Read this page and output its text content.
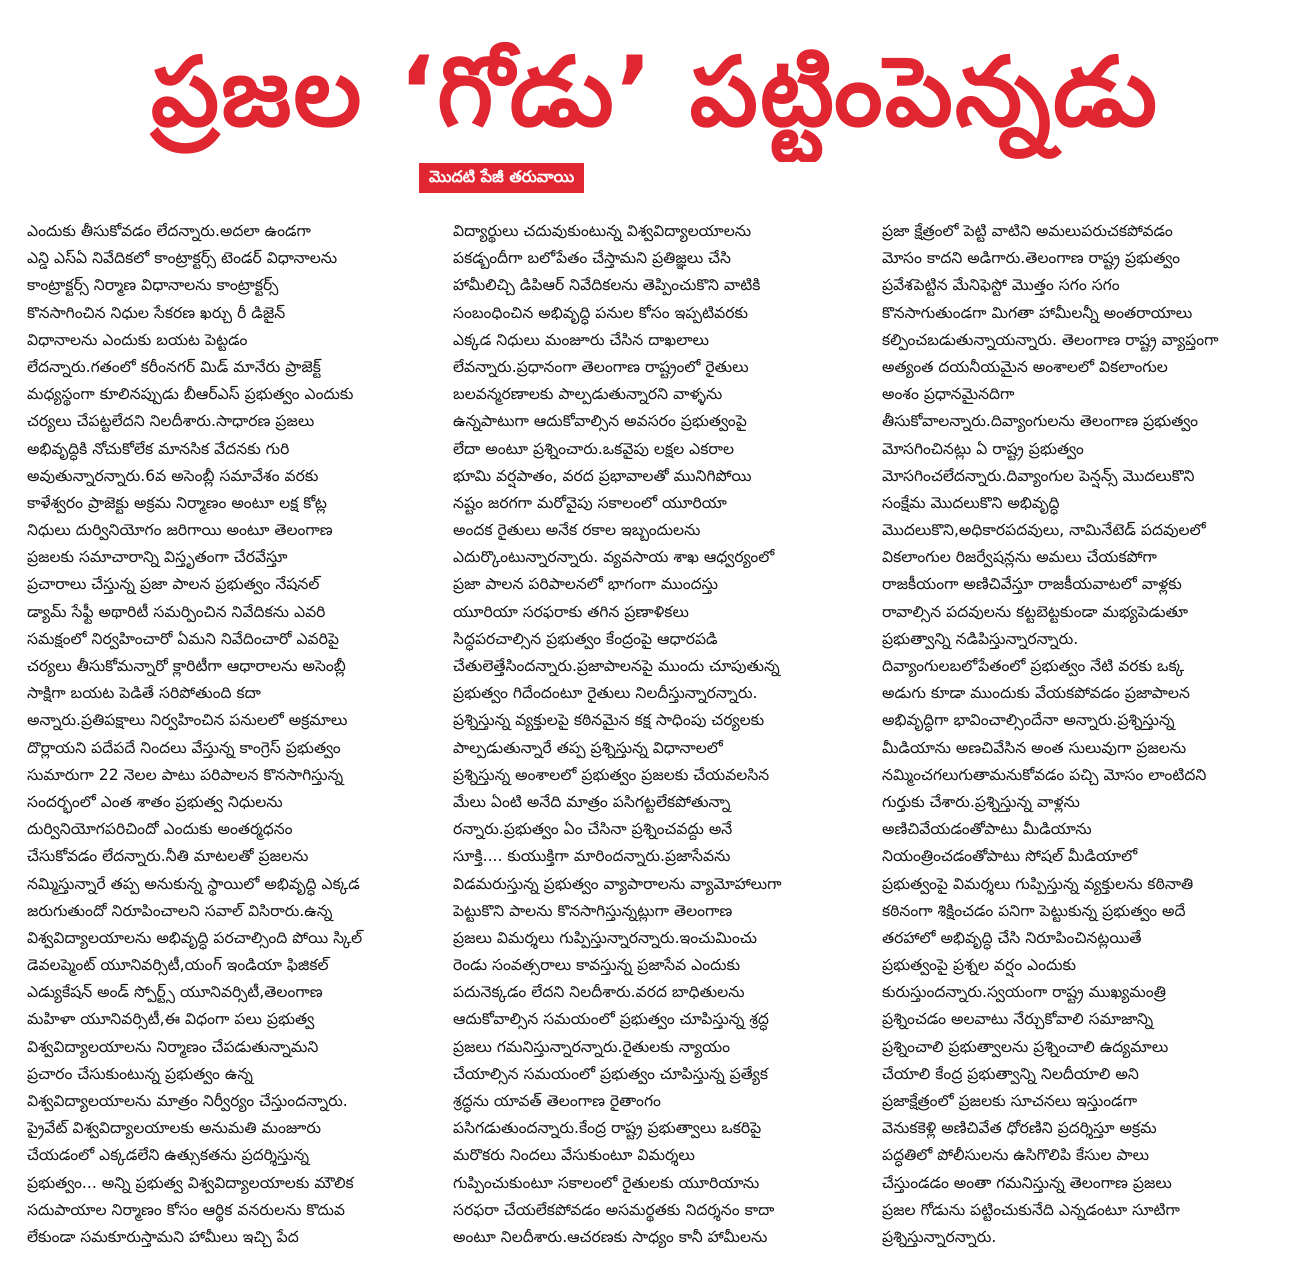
ప్రజల ‘గోడు’ పట్టింపెన్నడు
మొదటి పేజీ తరువాయి
ఎందుకు తీసుకోవడం లేదన్నారు.అదలా ఉండగా
ఎన్డి ఎస్ఏ నివేదికలో కాంట్రాక్టర్స్ టెండర్ విధానాలను
కాంట్రాక్టర్స్ నిర్మాణ విధానాలను కాంట్రాక్టర్స్
కొనసాగించిన నిధుల సేకరణ ఖర్చు రీ డిజైన్
విధానాలను ఎందుకు బయట పెట్టడం
లేదన్నారు.గతంలో కరీంనగర్ మిడ్ మానేరు ప్రాజెక్ట్
మధ్యస్థంగా కూలినప్పుడు బీఆర్ఎస్ ప్రభుత్వం ఎందుకు
చర్యలు చేపట్టలేదని నిలదీశారు.సాధారణ ప్రజలు
అభివృద్ధికి నోచుకోలేక మానసిక వేదనకు గురి
అవుతున్నారన్నారు.6వ అసెంబ్లీ సమావేశం వరకు
కాళేశ్వరం ప్రాజెక్టు అక్రమ నిర్మాణం అంటూ లక్ష కోట్ల
నిధులు దుర్వినియోగం జరిగాయి అంటూ తెలంగాణ
ప్రజలకు సమాచారాన్ని విస్తృతంగా చేరవేస్తూ
ప్రచారాలు చేస్తున్న ప్రజా పాలన ప్రభుత్వం నేషనల్
డ్యామ్ సేఫ్టీ అథారిటీ సమర్పించిన నివేదికను ఎవరి
సమక్షంలో నిర్వహించారో ఏమని నివేదించారో ఎవరిపై
చర్యలు తీసుకోమన్నారో క్లారిటీగా ఆధారాలను అసెంబ్లీ
సాక్షిగా బయట పెడితే సరిపోతుంది కదా
అన్నారు.ప్రతిపక్షాలు నిర్వహించిన పనులలో అక్రమాలు
దొర్లాయని పదేపదే నిందలు వేస్తున్న కాంగ్రెస్ ప్రభుత్వం
సుమారుగా 22 నెలల పాటు పరిపాలన కొనసాగిస్తున్న
సందర్భంలో ఎంత శాతం ప్రభుత్వ నిధులను
దుర్వినియోగపరిచిందో ఎందుకు అంతర్మధనం
చేసుకోవడం లేదన్నారు.నీతి మాటలతో ప్రజలను
నమ్మిస్తున్నారే తప్ప అనుకున్న స్థాయిలో అభివృద్ధి ఎక్కడ
జరుగుతుందో నిరూపించాలని సవాల్ విసిరారు.ఉన్న
విశ్వవిద్యాలయాలను అభివృద్ధి పరచాల్సింది పోయి స్కిల్
డెవలప్మెంట్ యూనివర్సిటీ,యంగ్ ఇండియా ఫిజికల్
ఎడ్యుకేషన్ అండ్ స్పోర్ట్స్ యూనివర్సిటీ,తెలంగాణ
మహిళా యూనివర్సిటీ,ఈ విధంగా పలు ప్రభుత్వ
విశ్వవిద్యాలయాలను నిర్మాణం చేపడుతున్నామని
ప్రచారం చేసుకుంటున్న ప్రభుత్వం ఉన్న
విశ్వవిద్యాలయాలను మాత్రం నిర్వీర్యం చేస్తుందన్నారు.
ప్రైవేట్ విశ్వవిద్యాలయాలకు అనుమతి మంజూరు
చేయడంలో ఎక్కడలేని ఉత్సుకతను ప్రదర్శిస్తున్న
ప్రభుత్వం... అన్ని ప్రభుత్వ విశ్వవిద్యాలయాలకు మౌలిక
సదుపాయాల నిర్మాణం కోసం ఆర్థిక వనరులను కొదువ
లేకుండా సమకూరుస్తామని హామీలు ఇచ్చి పేద
విద్యార్థులు చదువుకుంటున్న విశ్వవిద్యాలయాలను
పకడ్బందీగా బలోపేతం చేస్తామని ప్రతిజ్ఞలు చేసి
హామీలిచ్చి డిపిఆర్ నివేదికలను తెప్పించుకొని వాటికి
సంబంధించిన అభివృద్ధి పనుల కోసం ఇప్పటివరకు
ఎక్కడ నిధులు మంజూరు చేసిన దాఖలాలు
లేవన్నారు.ప్రధానంగా తెలంగాణ రాష్ట్రంలో రైతులు
బలవన్మరణాలకు పాల్పడుతున్నారని వాళ్ళను
ఉన్నపాటుగా ఆదుకోవాల్సిన అవసరం ప్రభుత్వంపై
లేదా అంటూ ప్రశ్నించారు.ఒకవైపు లక్షల ఎకరాల
భూమి వర్షపాతం, వరద ప్రభావాలతో మునిగిపోయి
నష్టం జరగగా మరోవైపు సకాలంలో యూరియా
అందక రైతులు అనేక రకాల ఇబ్బందులను
ఎదుర్కొంటున్నారన్నారు. వ్యవసాయ శాఖ ఆధ్వర్యంలో
ప్రజా పాలన పరిపాలనలో భాగంగా ముందస్తు
యూరియా సరఫరాకు తగిన ప్రణాళికలు
సిద్ధపరచాల్సిన ప్రభుత్వం కేంద్రంపై ఆధారపడి
చేతులెత్తేసిందన్నారు.ప్రజాపాలనపై ముందు చూపుతున్న
ప్రభుత్వం గిదేందంటూ రైతులు నిలదీస్తున్నారన్నారు.
ప్రశ్నిస్తున్న వ్యక్తులపై కఠినమైన కక్ష సాధింపు చర్యలకు
పాల్పడుతున్నారే తప్ప ప్రశ్నిస్తున్న విధానాలలో
ప్రశ్నిస్తున్న అంశాలలో ప్రభుత్వం ప్రజలకు చేయవలసిన
మేలు ఏంటి అనేది మాత్రం పసిగట్టలేకపోతున్నా
రన్నారు.ప్రభుత్వం ఏం చేసినా ప్రశ్నించవద్దు అనే
సూక్తి.... కుయుక్తిగా మారిందన్నారు.ప్రజాసేవను
విడమరుస్తున్న ప్రభుత్వం వ్యాపారాలను వ్యామోహాలుగా
పెట్టుకొని పాలను కొనసాగిస్తున్నట్లుగా తెలంగాణ
ప్రజలు విమర్శలు గుప్పిస్తున్నారన్నారు.ఇంచుమించు
రెండు సంవత్సరాలు కావస్తున్న ప్రజాసేవ ఎందుకు
పదునెక్కడం లేదని నిలదీశారు.వరద బాధితులను
ఆదుకోవాల్సిన సమయంలో ప్రభుత్వం చూపిస్తున్న శ్రద్ధ
ప్రజలు గమనిస్తున్నారన్నారు.రైతులకు న్యాయం
చేయాల్సిన సమయంలో ప్రభుత్వం చూపిస్తున్న ప్రత్యేక
శ్రద్ధను యావత్ తెలంగాణ రైతాంగం
పసిగడుతుందన్నారు.కేంద్ర రాష్ట్ర ప్రభుత్వాలు ఒకరిపై
మరొకరు నిందలు వేసుకుంటూ విమర్శలు
గుప్పించుకుంటూ సకాలంలో రైతులకు యూరియాను
సరఫరా చేయలేకపోవడం అసమర్థతకు నిదర్శనం కాదా
అంటూ నిలదీశారు.ఆచరణకు సాధ్యం కానీ హామీలను
ప్రజా క్షేత్రంలో పెట్టి వాటిని అమలుపరుచకపోవడం
మోసం కాదని అడిగారు.తెలంగాణ రాష్ట్ర ప్రభుత్వం
ప్రవేశపెట్టిన మేనిఫెస్టో మొత్తం సగం సగం
కొనసాగుతుండగా మిగతా హామీలన్నీ అంతరాయాలు
కల్పించబడుతున్నాయన్నారు. తెలంగాణ రాష్ట్ర వ్యాప్తంగా
అత్యంత దయనీయమైన అంశాలలో వికలాంగుల
అంశం ప్రధానమైనదిగా
తీసుకోవాలన్నారు.దివ్యాంగులను తెలంగాణ ప్రభుత్వం
మోసగించినట్లు ఏ రాష్ట్ర ప్రభుత్వం
మోసగించలేదన్నారు.దివ్యాంగుల పెన్షన్స్ మొదలుకొని
సంక్షేమ మొదలుకొని అభివృద్ధి
మొదలుకొని,అధికారపదవులు, నామినేటెడ్ పదవులలో
వికలాంగుల రిజర్వేషన్లను అమలు చేయకపోగా
రాజకీయంగా అణిచివేస్తూ రాజకీయవాటలో వాళ్లకు
రావాల్సిన పదవులను కట్టబెట్టకుండా మభ్యపెడుతూ
ప్రభుత్వాన్ని నడిపిస్తున్నారన్నారు.
దివ్యాంగులబలోపేతంలో ప్రభుత్వం నేటి వరకు ఒక్క
అడుగు కూడా ముందుకు వేయకపోవడం ప్రజాపాలన
అభివృద్ధిగా భావించాల్సిందేనా అన్నారు.ప్రశ్నిస్తున్న
మీడియాను అణచివేసిన అంత సులువుగా ప్రజలను
నమ్మించగలుగుతామనుకోవడం పచ్చి మోసం లాంటిదని
గుర్తుకు చేశారు.ప్రశ్నిస్తున్న వాళ్లను
అణిచివేయడంతోపాటు మీడియాను
నియంత్రించడంతోపాటు సోషల్ మీడియాలో
ప్రభుత్వంపై విమర్శలు గుప్పిస్తున్న వ్యక్తులను కఠినాతి
కఠినంగా శిక్షించడం పనిగా పెట్టుకున్న ప్రభుత్వం అదే
తరహాలో అభివృద్ధి చేసి నిరూపించినట్లయితే
ప్రభుత్వంపై ప్రశ్నల వర్షం ఎందుకు
కురుస్తుందన్నారు.స్వయంగా రాష్ట్ర ముఖ్యమంత్రి
ప్రశ్నించడం అలవాటు నేర్చుకోవాలి సమాజాన్ని
ప్రశ్నించాలి ప్రభుత్వాలను ప్రశ్నించాలి ఉద్యమాలు
చేయాలి కేంద్ర ప్రభుత్వాన్ని నిలదీయాలి అని
ప్రజాక్షేత్రంలో ప్రజలకు సూచనలు ఇస్తుండగా
వెనుకకెళ్లి అణిచివేత ధోరణిని ప్రదర్శిస్తూ అక్రమ
పద్ధతిలో పోలీసులను ఉసిగొలిపి కేసుల పాలు
చేస్తుండడం అంతా గమనిస్తున్న తెలంగాణ ప్రజలు
ప్రజల గోడును పట్టించుకునేది ఎన్నడంటూ సూటిగా
ప్రశ్నిస్తున్నారన్నారు.
